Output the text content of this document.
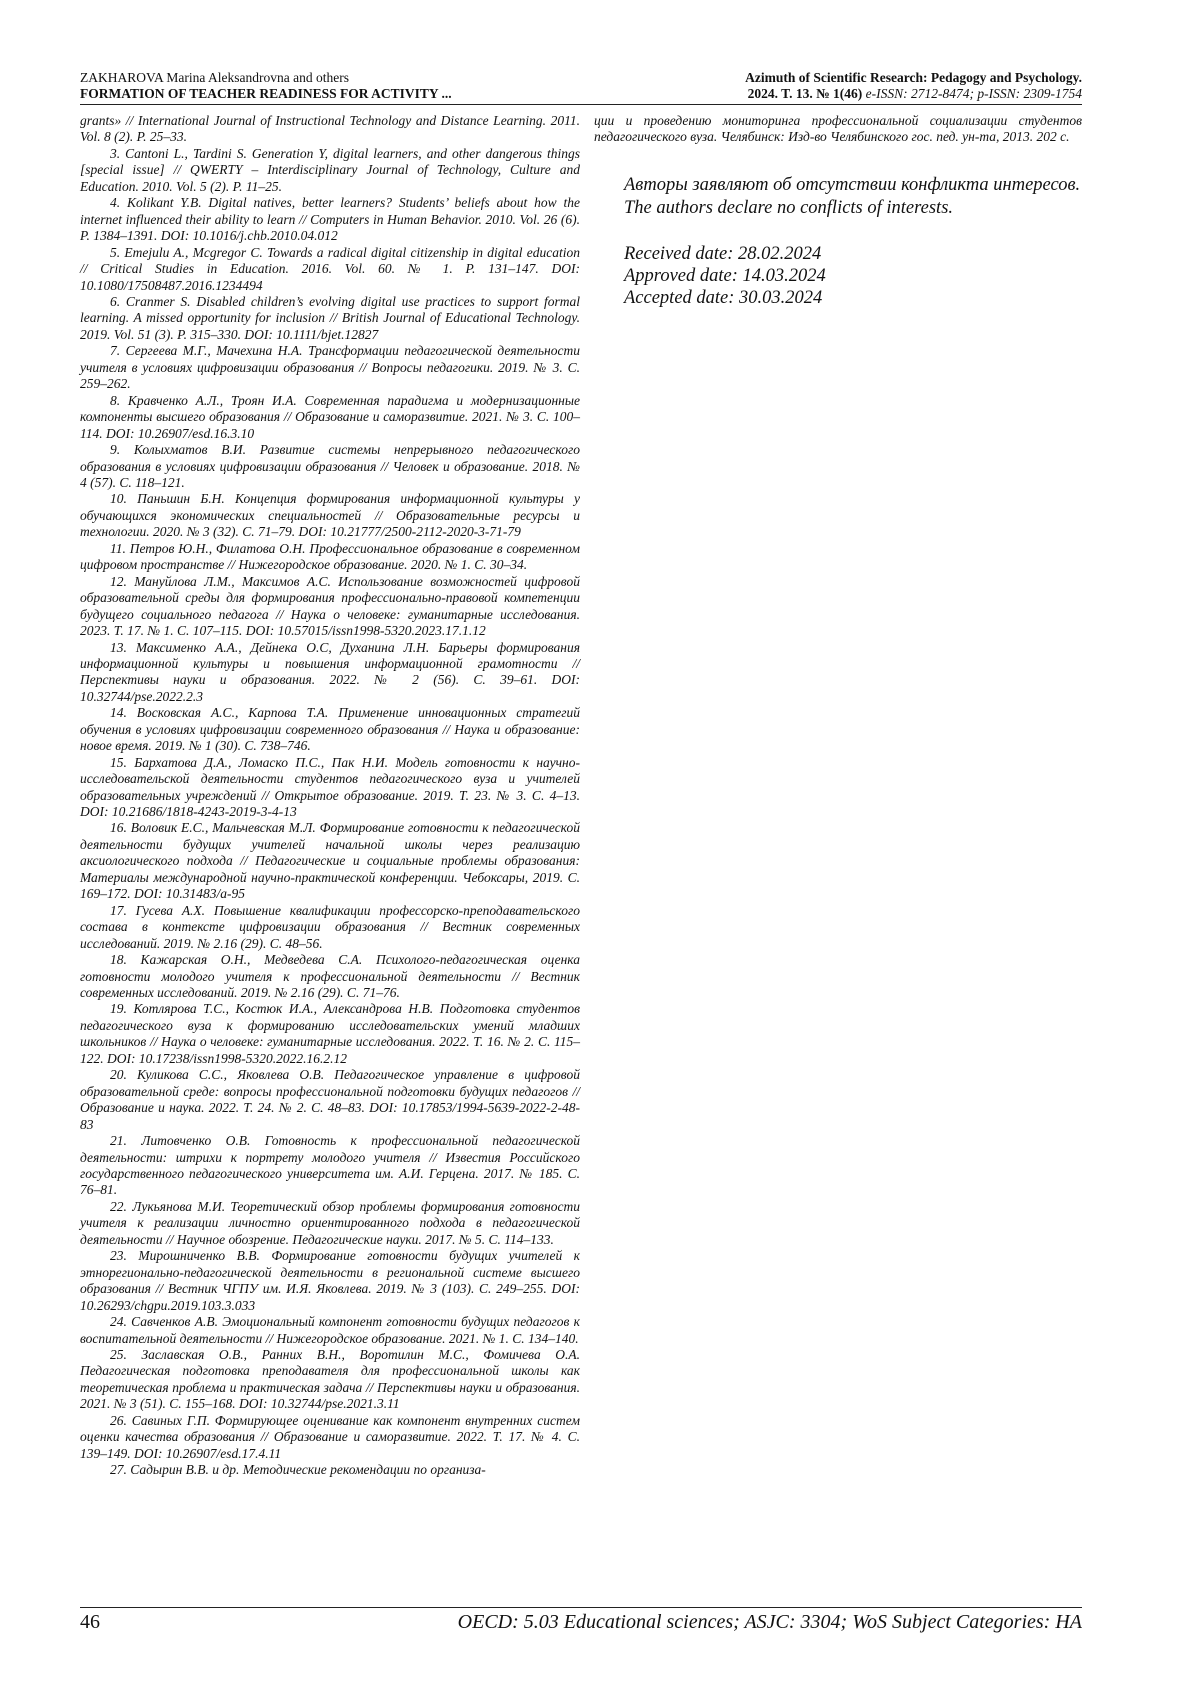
ZAKHAROVA Marina Aleksandrovna and others
FORMATION OF TEACHER READINESS FOR ACTIVITY ...
Azimuth of Scientific Research: Pedagogy and Psychology.
2024. T. 13. № 1(46) e-ISSN: 2712-8474; p-ISSN: 2309-1754

grants» // International Journal of Instructional Technology and Distance Learning. 2011. Vol. 8 (2). P. 25–33.

3. Cantoni L., Tardini S. Generation Y, digital learners, and other dangerous things [special issue] // QWERTY – Interdisciplinary Journal of Technology, Culture and Education. 2010. Vol. 5 (2). P. 11–25.

4. Kolikant Y.B. Digital natives, better learners? Students’ beliefs about how the internet influenced their ability to learn // Computers in Human Behavior. 2010. Vol. 26 (6). P. 1384–1391. DOI: 10.1016/j.chb.2010.04.012

5. Emejulu A., Mcgregor C. Towards a radical digital citizenship in digital education // Critical Studies in Education. 2016. Vol. 60. № 1. P. 131–147. DOI: 10.1080/17508487.2016.1234494

6. Cranmer S. Disabled children’s evolving digital use practices to support formal learning. A missed opportunity for inclusion // British Journal of Educational Technology. 2019. Vol. 51 (3). P. 315–330. DOI: 10.1111/bjet.12827

7. Сергеева М.Г., Мачехина Н.А. Трансформации педагогической деятельности учителя в условиях цифровизации образования // Вопросы педагогики. 2019. № 3. С. 259–262.

8. Кравченко А.Л., Троян И.А. Современная парадигма и модернизационные компоненты высшего образования // Образование и саморазвитие. 2021. № 3. С. 100–114. DOI: 10.26907/esd.16.3.10

9. Колыхматов В.И. Развитие системы непрерывного педагогического образования в условиях цифровизации образования // Человек и образование. 2018. № 4 (57). С. 118–121.

10. Паньшин Б.Н. Концепция формирования информационной культуры у обучающихся экономических специальностей // Образовательные ресурсы и технологии. 2020. № 3 (32). С. 71–79. DOI: 10.21777/2500-2112-2020-3-71-79

11. Петров Ю.Н., Филатова О.Н. Профессиональное образование в современном цифровом пространстве // Нижегородское образование. 2020. № 1. С. 30–34.

12. Мануйлова Л.М., Максимов А.С. Использование возможностей цифровой образовательной среды для формирования профессионально-правовой компетенции будущего социального педагога // Наука о человеке: гуманитарные исследования. 2023. Т. 17. № 1. С. 107–115. DOI: 10.57015/issn1998-5320.2023.17.1.12

13. Максименко А.А., Дейнека О.С, Духанина Л.Н. Барьеры формирования информационной культуры и повышения информационной грамотности // Перспективы науки и образования. 2022. № 2 (56). С. 39–61. DOI: 10.32744/pse.2022.2.3

14. Восковская А.С., Карпова Т.А. Применение инновационных стратегий обучения в условиях цифровизации современного образования // Наука и образование: новое время. 2019. № 1 (30). С. 738–746.

15. Бархатова Д.А., Ломаско П.С., Пак Н.И. Модель готовности к научно-исследовательской деятельности студентов педагогического вуза и учителей образовательных учреждений // Открытое образование. 2019. Т. 23. № 3. С. 4–13. DOI: 10.21686/1818-4243-2019-3-4-13

16. Воловик Е.С., Мальчевская М.Л. Формирование готовности к педагогической деятельности будущих учителей начальной школы через реализацию аксиологического подхода // Педагогические и социальные проблемы образования: Материалы международной научно-практической конференции. Чебоксары, 2019. С. 169–172. DOI: 10.31483/a-95

17. Гусева А.Х. Повышение квалификации профессорско-преподавательского состава в контексте цифровизации образования // Вестник современных исследований. 2019. № 2.16 (29). С. 48–56.

18. Кажарская О.Н., Медведева С.А. Психолого-педагогическая оценка готовности молодого учителя к профессиональной деятельности // Вестник современных исследований. 2019. № 2.16 (29). С. 71–76.

19. Котлярова Т.С., Костюк И.А., Александрова Н.В. Подготовка студентов педагогического вуза к формированию исследовательских умений младших школьников // Наука о человеке: гуманитарные исследования. 2022. Т. 16. № 2. С. 115–122. DOI: 10.17238/issn1998-5320.2022.16.2.12

20. Куликова С.С., Яковлева О.В. Педагогическое управление в цифровой образовательной среде: вопросы профессиональной подготовки будущих педагогов // Образование и наука. 2022. Т. 24. № 2. С. 48–83. DOI: 10.17853/1994-5639-2022-2-48-83

21. Литовченко О.В. Готовность к профессиональной педагогической деятельности: штрихи к портрету молодого учителя // Известия Российского государственного педагогического университета им. А.И. Герцена. 2017. № 185. С. 76–81.

22. Лукьянова М.И. Теоретический обзор проблемы формирования готовности учителя к реализации личностно ориентированного подхода в педагогической деятельности // Научное обозрение. Педагогические науки. 2017. № 5. С. 114–133.

23. Мирошниченко В.В. Формирование готовности будущих учителей к этнорегионально-педагогической деятельности в региональной системе высшего образования // Вестник ЧГПУ им. И.Я. Яковлева. 2019. № 3 (103). С. 249–255. DOI: 10.26293/chgpu.2019.103.3.033

24. Савченков А.В. Эмоциональный компонент готовности будущих педагогов к воспитательной деятельности // Нижегородское образование. 2021. № 1. С. 134–140.

25. Заславская О.В., Ранних В.Н., Воротилин М.С., Фомичева О.А. Педагогическая подготовка преподавателя для профессиональной школы как теоретическая проблема и практическая задача // Перспективы науки и образования. 2021. № 3 (51). С. 155–168. DOI: 10.32744/pse.2021.3.11

26. Савиных Г.П. Формирующее оценивание как компонент внутренних систем оценки качества образования // Образование и саморазвитие. 2022. Т. 17. № 4. С. 139–149. DOI: 10.26907/esd.17.4.11

27. Садырин В.В. и др. Методические рекомендации по организа-

ции и проведению мониторинга профессиональной социализации студентов педагогического вуза. Челябинск: Изд-во Челябинского гос. пед. ун-та, 2013. 202 с.

Авторы заявляют об отсутствии конфликта интересов.

The authors declare no conflicts of interests.

Received date: 28.02.2024

Approved date: 14.03.2024

Accepted date: 30.03.2024

46	OECD: 5.03 Educational sciences; ASJC: 3304; WoS Subject Categories: HA
